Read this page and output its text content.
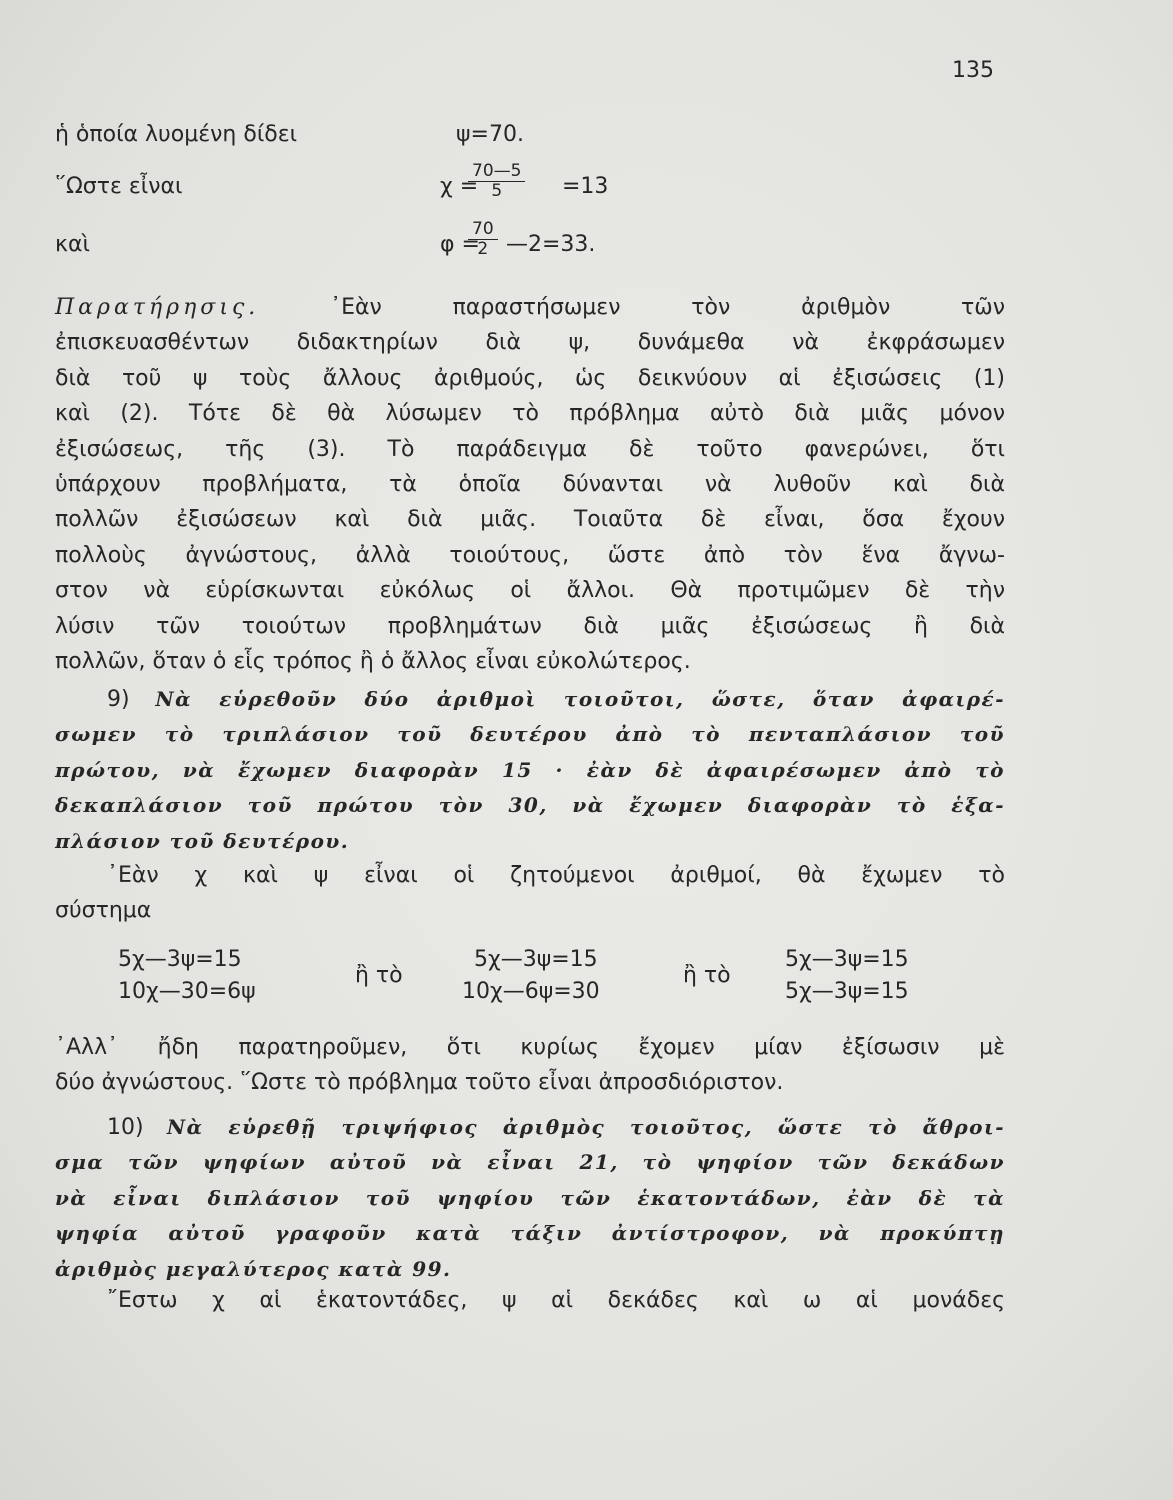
135
ἡ ὁποία λυομένη δίδει	ψ=70.
῞Ωστε εἶναι	χ =
$\frac{70—5}{5} =13$
καὶ	φ =
$\frac{70}{2}$ —2=33.

Παρατήρησις.	᾿Εὰν παραστήσωμεν τὸν ἀριθμὸν τῶν

ἐπισκευασθέντων διδακτηρίων διὰ ψ, δυνάμεθα νὰ ἐκφράσωμεν

διὰ τοῦ ψ τοὺς ἄλλους ἀριθμούς, ὡς δεικνύουν αἱ ἐξισώσεις (1)

καὶ (2). Τότε δὲ θὰ λύσωμεν τὸ πρόβλημα αὐτὸ διὰ μιᾶς μόνον

ἐξισώσεως, τῆς (3). Τὸ παράδειγμα δὲ τοῦτο φανερώνει, ὅτι

ὑπάρχουν προβλήματα, τὰ ὁποῖα δύνανται νὰ λυθοῦν καὶ διὰ

πολλῶν ἐξισώσεων καὶ διὰ μιᾶς. Τοιαῦτα δὲ εἶναι, ὅσα ἔχουν

πολλοὺς ἀγνώστους, ἀλλὰ τοιούτους, ὥστε ἀπὸ τὸν ἕνα ἄγνω-

στον νὰ εὑρίσκωνται εὐκόλως οἱ ἄλλοι. Θὰ προτιμῶμεν δὲ τὴν

λύσιν τῶν τοιούτων προβλημάτων διὰ μιᾶς ἐξισώσεως ἢ διὰ

πολλῶν, ὅταν ὁ εἷς τρόπος ἢ ὁ ἄλλος εἶναι εὐκολώτερος.

9) Νὰ εὑρεθοῦν δύο ἀριθμοὶ τοιοῦτοι, ὥστε, ὅταν ἀφαιρέ-

σωμεν τὸ τριπλάσιον τοῦ δευτέρου ἀπὸ τὸ πενταπλάσιον τοῦ

πρώτου, νὰ ἔχωμεν διαφορὰν 15 · ἐὰν δὲ ἀφαιρέσωμεν ἀπὸ τὸ

δεκαπλάσιον τοῦ πρώτου τὸν 30, νὰ ἔχωμεν διαφορὰν τὸ ἑξα-

πλάσιον τοῦ δευτέρου.

᾿Εὰν χ καὶ ψ εἶναι οἱ ζητούμενοι ἀριθμοί, θὰ ἔχωμεν τὸ

σύστημα

5χ—3ψ=15
10χ—30=6ψ
ἢ τὸ
5χ—3ψ=15
10χ—6ψ=30
ἢ τὸ
5χ—3ψ=15
5χ—3ψ=15

᾿Αλλ᾿ ἤδη παρατηροῦμεν, ὅτι κυρίως ἔχομεν μίαν ἐξίσωσιν μὲ

δύο ἀγνώστους. ῞Ωστε τὸ πρόβλημα τοῦτο εἶναι ἀπροσδιόριστον.

10) Νὰ εὑρεθῇ τριψήφιος ἀριθμὸς τοιοῦτος, ὥστε τὸ ἄθροι-

σμα τῶν ψηφίων αὐτοῦ νὰ εἶναι 21, τὸ ψηφίον τῶν δεκάδων

νὰ εἶναι διπλάσιον τοῦ ψηφίου τῶν ἑκατοντάδων, ἐὰν δὲ τὰ

ψηφία αὐτοῦ γραφοῦν κατὰ τάξιν ἀντίστροφον, νὰ προκύπτῃ

ἀριθμὸς μεγαλύτερος κατὰ 99.

῎Εστω χ αἱ ἑκατοντάδες, ψ αἱ δεκάδες καὶ ω αἱ μονάδες
